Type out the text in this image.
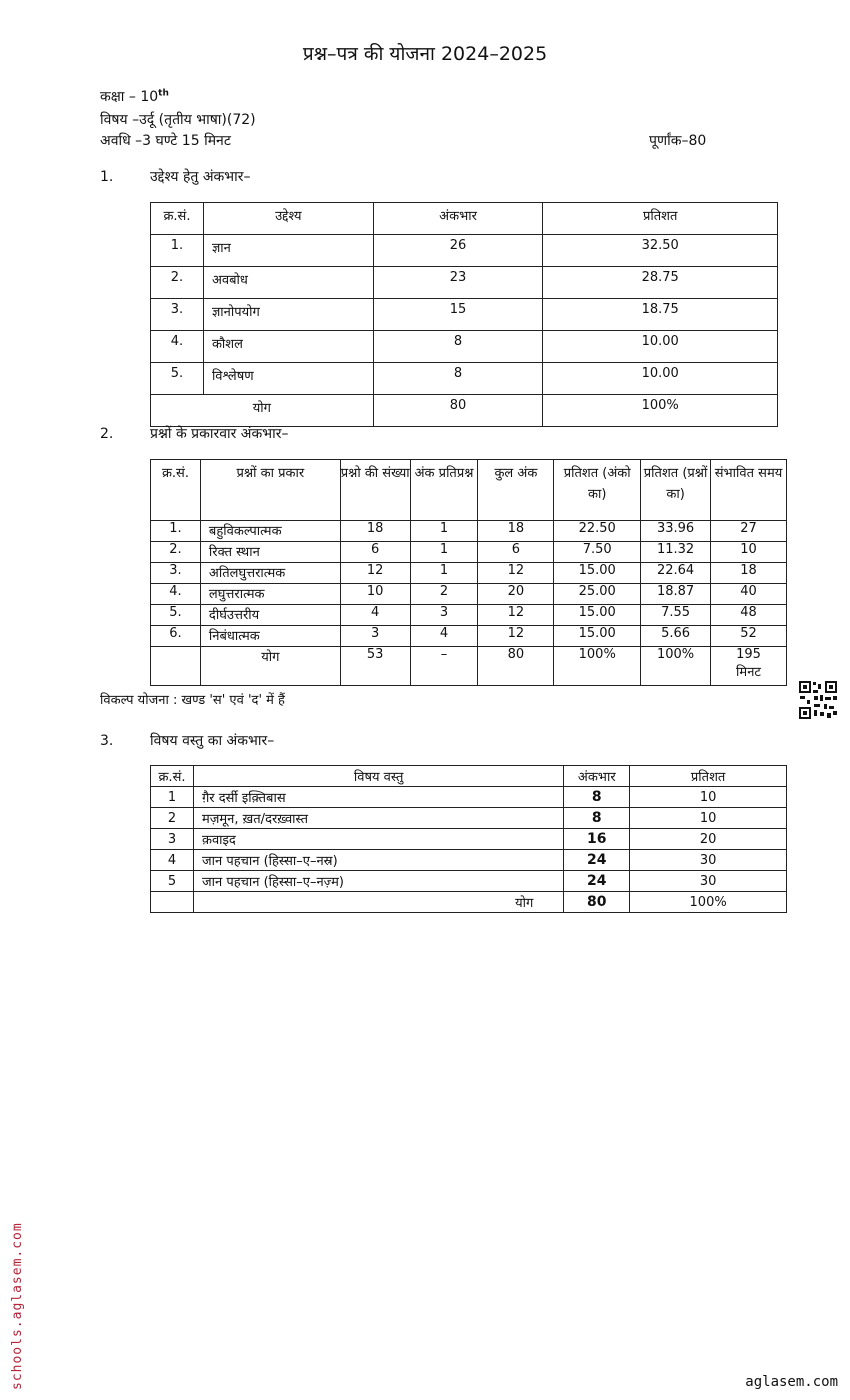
प्रश्न–पत्र की योजना 2024–2025
कक्षा – 10th
विषय –उर्दू (तृतीय भाषा)(72)
अवधि –3 घण्टे 15 मिनट	पूर्णांक–80
1.	उद्देश्य हेतु अंकभार–
क्र.सं.	उद्देश्य	अंकभार	प्रतिशत
1.	ज्ञान	26	32.50
2.	अवबोध	23	28.75
3.	ज्ञानोपयोग	15	18.75
4.	कौशल	8	10.00
5.	विश्लेषण	8	10.00
योग		80	100%
2.	प्रश्नों के प्रकारवार अंकभार–
क्र.सं.	प्रश्नों का प्रकार	प्रश्नो की संख्या	अंक प्रतिप्रश्न	कुल अंक	प्रतिशत (अंको का)	प्रतिशत (प्रश्नों का)	संभावित समय
1.	बहुविकल्पात्मक	18	1	18	22.50	33.96	27
2.	रिक्त स्थान	6	1	6	7.50	11.32	10
3.	अतिलघुत्तरात्मक	12	1	12	15.00	22.64	18
4.	लघुत्तरात्मक	10	2	20	25.00	18.87	40
5.	दीर्घउत्तरीय	4	3	12	15.00	7.55	48
6.	निबंधात्मक	3	4	12	15.00	5.66	52
	योग	53	–	80	100%	100%	195 मिनट
विकल्प योजना : खण्ड 'स' एवं 'द' में हैं
3.	विषय वस्तु का अंकभार–
क्र.सं.	विषय वस्तु	अंकभार	प्रतिशत
1	ग़ैर दर्सी इक़्तिबास	8	10
2	मज़मून, ख़त/दरख़्वास्त	8	10
3	क़वाइद	16	20
4	जान पहचान (हिस्सा–ए–नस्र)	24	30
5	जान पहचान (हिस्सा–ए–नज़्म)	24	30
	योग	80	100%
schools.aglasem.com	aglasem.com
